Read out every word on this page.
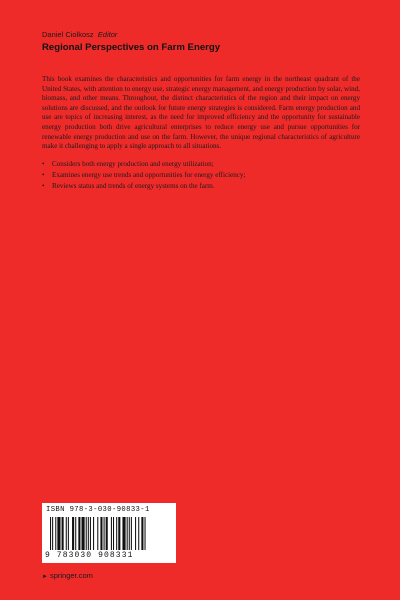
Daniel Ciolkosz Editor
Regional Perspectives on Farm Energy

This book examines the characteristics and opportunities for farm energy in the northeast quadrant of the United States, with attention to energy use, strategic energy management, and energy production by solar, wind, biomass, and other means. Throughout, the distinct characteristics of the region and their impact on energy solutions are discussed, and the outlook for future energy strategies is considered. Farm energy production and use are topics of increasing interest, as the need for improved efficiency and the opportunity for sustainable energy production both drive agricultural enterprises to reduce energy use and pursue opportunities for renewable energy production and use on the farm. However, the unique regional characteristics of agriculture make it challenging to apply a single approach to all situations.

• Considers both energy production and energy utilization;
• Examines energy use trends and opportunities for energy efficiency;
• Reviews status and trends of energy systems on the farm.
ISBN 978-3-030-90833-1
9 783030 908331
► springer.com
